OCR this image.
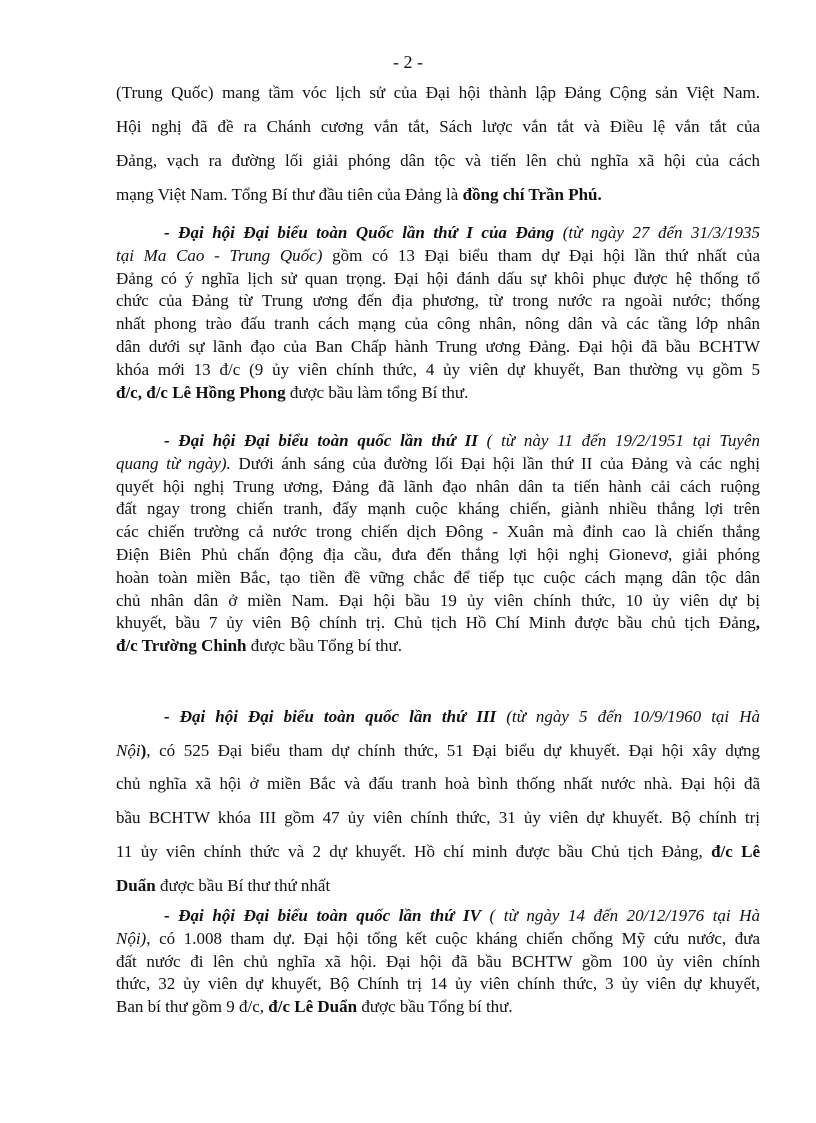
- 2 -
(Trung Quốc) mang tầm vóc lịch sử của Đại hội thành lập Đảng Cộng sản Việt Nam.
Hội nghị đã đề ra Chánh cương vắn tắt, Sách lược vắn tắt và Điều lệ vắn tắt của
Đảng, vạch ra đường lối giải phóng dân tộc và tiến lên chủ nghĩa xã hội của cách
mạng Việt Nam. Tổng Bí thư đầu tiên của Đảng là đồng chí Trần Phú.
- Đại hội Đại biểu toàn Quốc lần thứ I của Đảng (từ ngày 27 đến 31/3/1935
tại Ma Cao - Trung Quốc) gồm có 13 Đại biểu tham dự Đại hội lần thứ nhất của
Đảng có ý nghĩa lịch sử quan trọng. Đại hội đánh dấu sự khôi phục được hệ thống tổ
chức của Đảng từ Trung ương đến địa phương, từ trong nước ra ngoài nước; thống
nhất phong trào đấu tranh cách mạng của công nhân, nông dân và các tầng lớp nhân
dân dưới sự lãnh đạo của Ban Chấp hành Trung ương Đảng. Đại hội đã bầu BCHTW
khóa mới 13 đ/c (9 ủy viên chính thức, 4 ủy viên dự khuyết, Ban thường vụ gồm 5
đ/c, đ/c Lê Hồng Phong được bầu làm tổng Bí thư.
- Đại hội Đại biểu toàn quốc lần thứ II ( từ này 11 đến 19/2/1951 tại Tuyên
quang từ ngày). Dưới ánh sáng của đường lối Đại hội lần thứ II của Đảng và các nghị
quyết hội nghị Trung ương, Đảng đã lãnh đạo nhân dân ta tiến hành cải cách ruộng
đất ngay trong chiến tranh, đẩy mạnh cuộc kháng chiến, giành nhiều thắng lợi trên
các chiến trường cả nước trong chiến dịch Đông - Xuân mà đỉnh cao là chiến thắng
Điện Biên Phủ chấn động địa cầu, đưa đến thắng lợi hội nghị Gionevơ, giải phóng
hoàn toàn miền Bắc, tạo tiền đề vững chắc để tiếp tục cuộc cách mạng dân tộc dân
chủ nhân dân ở miền Nam. Đại hội bầu 19 ủy viên chính thức, 10 ủy viên dự bị
khuyết, bầu 7 ủy viên Bộ chính trị. Chủ tịch Hồ Chí Minh được bầu chủ tịch Đảng,
đ/c Trường Chinh được bầu Tổng bí thư.
- Đại hội Đại biểu toàn quốc lần thứ III (từ ngày 5 đến 10/9/1960 tại Hà
Nội), có 525 Đại biểu tham dự chính thức, 51 Đại biểu dự khuyết. Đại hội xây dựng
chủ nghĩa xã hội ở miền Bắc và đấu tranh hoà bình thống nhất nước nhà. Đại hội đã
bầu BCHTW khóa III gồm 47 ủy viên chính thức, 31 ủy viên dự khuyết. Bộ chính trị
11 ủy viên chính thức và 2 dự khuyết. Hồ chí minh được bầu Chủ tịch Đảng, đ/c Lê
Duẩn được bầu Bí thư thứ nhất
- Đại hội Đại biểu toàn quốc lần thứ IV ( từ ngày 14 đến 20/12/1976 tại Hà
Nội), có 1.008 tham dự. Đại hội tổng kết cuộc kháng chiến chống Mỹ cứu nước, đưa
đất nước đi lên chủ nghĩa xã hội. Đại hội đã bầu BCHTW gồm 100 ủy viên chính
thức, 32 ủy viên dự khuyết, Bộ Chính trị 14 ủy viên chính thức, 3 ủy viên dự khuyết,
Ban bí thư gồm 9 đ/c, đ/c Lê Duẩn được bầu Tổng bí thư.
